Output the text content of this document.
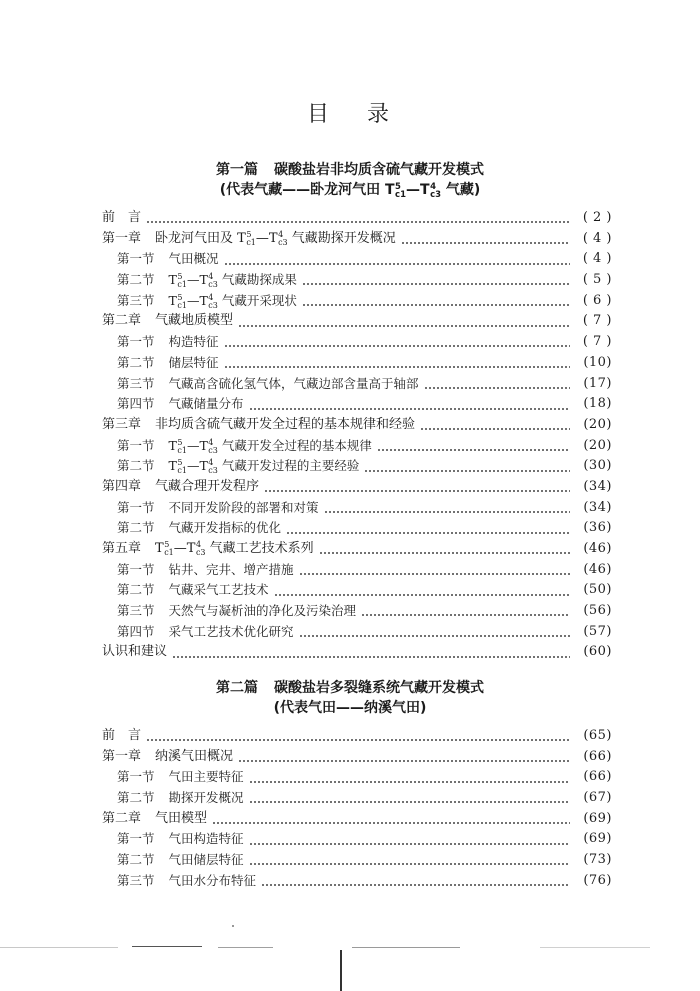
目　录
第一篇 碳酸盐岩非均质含硫气藏开发模式
(代表气藏——卧龙河气田 T 5
c1 —T 4
c3 气藏)
前　言	( 2 )
第一章 卧龙河气田及 T 5
c1 —T 4
c3 气藏勘探开发概况	( 4 )
第一节 气田概况	( 4 )
第二节 T 5
c1 —T 4
c3 气藏勘探成果	( 5 )
第三节 T 5
c1 —T 4
c3 气藏开采现状	( 6 )
第二章 气藏地质模型	( 7 )
第一节 构造特征	( 7 )
第二节 储层特征	(10)
第三节 气藏高含硫化氢气体，气藏边部含量高于轴部	(17)
第四节 气藏储量分布	(18)
第三章 非均质含硫气藏开发全过程的基本规律和经验	(20)
第一节 T 5
c1 —T 4
c3 气藏开发全过程的基本规律	(20)
第二节 T 5
c1 —T 4
c3 气藏开发过程的主要经验	(30)
第四章 气藏合理开发程序	(34)
第一节 不同开发阶段的部署和对策	(34)
第二节 气藏开发指标的优化	(36)
第五章 T 5
c1 —T 4
c3 气藏工艺技术系列	(46)
第一节 钻井、完井、增产措施	(46)
第二节 气藏采气工艺技术	(50)
第三节 天然气与凝析油的净化及污染治理	(56)
第四节 采气工艺技术优化研究	(57)
认识和建议	(60)
第二篇 碳酸盐岩多裂缝系统气藏开发模式
(代表气田——纳溪气田)
前　言	(65)
第一章 纳溪气田概况	(66)
第一节 气田主要特征	(66)
第二节 勘探开发概况	(67)
第二章 气田模型	(69)
第一节 气田构造特征	(69)
第二节 气田储层特征	(73)
第三节 气田水分布特征	(76)
